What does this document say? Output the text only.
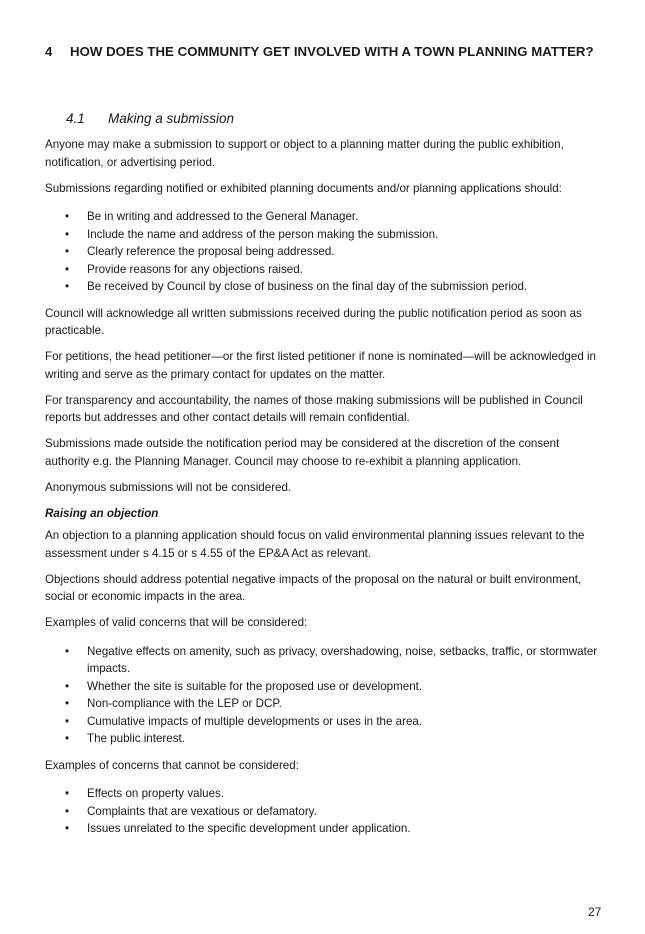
4 HOW DOES THE COMMUNITY GET INVOLVED WITH A TOWN PLANNING MATTER?
4.1 Making a submission

Anyone may make a submission to support or object to a planning matter during the public exhibition, notification, or advertising period.

Submissions regarding notified or exhibited planning documents and/or planning applications should:

• Be in writing and addressed to the General Manager.
• Include the name and address of the person making the submission.
• Clearly reference the proposal being addressed.
• Provide reasons for any objections raised.
• Be received by Council by close of business on the final day of the submission period.

Council will acknowledge all written submissions received during the public notification period as soon as practicable.

For petitions, the head petitioner—or the first listed petitioner if none is nominated—will be acknowledged in writing and serve as the primary contact for updates on the matter.

For transparency and accountability, the names of those making submissions will be published in Council reports but addresses and other contact details will remain confidential.

Submissions made outside the notification period may be considered at the discretion of the consent authority e.g. the Planning Manager. Council may choose to re-exhibit a planning application.

Anonymous submissions will not be considered.

Raising an objection

An objection to a planning application should focus on valid environmental planning issues relevant to the assessment under s 4.15 or s 4.55 of the EP&A Act as relevant.

Objections should address potential negative impacts of the proposal on the natural or built environment, social or economic impacts in the area.

Examples of valid concerns that will be considered:

• Negative effects on amenity, such as privacy, overshadowing, noise, setbacks, traffic, or stormwater impacts.
• Whether the site is suitable for the proposed use or development.
• Non-compliance with the LEP or DCP.
• Cumulative impacts of multiple developments or uses in the area.
• The public interest.

Examples of concerns that cannot be considered:

• Effects on property values.
• Complaints that are vexatious or defamatory.
• Issues unrelated to the specific development under application.
27
